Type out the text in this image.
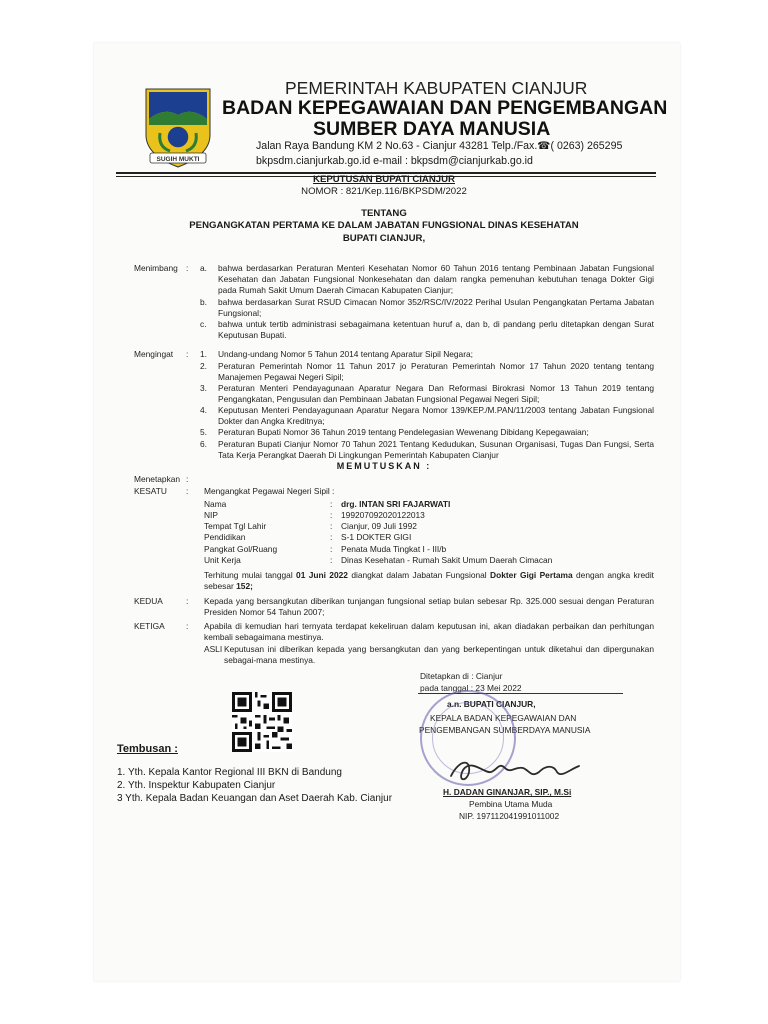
SUGIH MUKTI
PEMERINTAH KABUPATEN CIANJUR
BADAN KEPEGAWAIAN DAN PENGEMBANGAN
SUMBER DAYA MANUSIA
Jalan Raya Bandung KM 2 No.63 - Cianjur 43281 Telp./Fax.☎( 0263) 265295
bkpsdm.cianjurkab.go.id e-mail : bkpsdm@cianjurkab.go.id
KEPUTUSAN BUPATI CIANJUR
NOMOR : 821/Kep.116/BKPSDM/2022
TENTANG
PENGANGKATAN PERTAMA KE DALAM JABATAN FUNGSIONAL DINAS KESEHATAN
BUPATI CIANJUR,
Menimbang : a. bahwa berdasarkan Peraturan Menteri Kesehatan Nomor 60 Tahun 2016 tentang Pembinaan Jabatan Fungsional Kesehatan dan Jabatan Fungsional Nonkesehatan dan dalam rangka pemenuhan kebutuhan tenaga Dokter Gigi pada Rumah Sakit Umum Daerah Cimacan Kabupaten Cianjur;
b. bahwa berdasarkan Surat RSUD Cimacan Nomor 352/RSC/IV/2022 Perihal Usulan Pengangkatan Pertama Jabatan Fungsional;
c. bahwa untuk tertib administrasi sebagaimana ketentuan huruf a, dan b, di pandang perlu ditetapkan dengan Surat Keputusan Bupati.
Mengingat : 1. Undang-undang Nomor 5 Tahun 2014 tentang Aparatur Sipil Negara;
2. Peraturan Pemerintah Nomor 11 Tahun 2017 jo Peraturan Pemerintah Nomor 17 Tahun 2020 tentang tentang Manajemen Pegawai Negeri Sipil;
3. Peraturan Menteri Pendayagunaan Aparatur Negara Dan Reformasi Birokrasi Nomor 13 Tahun 2019 tentang Pengangkatan, Pengusulan dan Pembinaan Jabatan Fungsional Pegawai Negeri Sipil;
4. Keputusan Menteri Pendayagunaan Aparatur Negara Nomor 139/KEP./M.PAN/11/2003 tentang Jabatan Fungsional Dokter dan Angka Kreditnya;
5. Peraturan Bupati Nomor 36 Tahun 2019 tentang Pendelegasian Wewenang Dibidang Kepegawaian;
6. Peraturan Bupati Cianjur Nomor 70 Tahun 2021 Tentang Kedudukan, Susunan Organisasi, Tugas Dan Fungsi, Serta Tata Kerja Perangkat Daerah Di Lingkungan Pemerintah Kabupaten Cianjur
MEMUTUSKAN :
Menetapkan :
KESATU : Mengangkat Pegawai Negeri Sipil :
Nama	: drg. INTAN SRI FAJARWATI
NIP	: 199207092020122013
Tempat Tgl Lahir	: Cianjur, 09 Juli 1992
Pendidikan	: S-1 DOKTER GIGI
Pangkat Gol/Ruang	: Penata Muda Tingkat I - III/b
Unit Kerja	: Dinas Kesehatan - Rumah Sakit Umum Daerah Cimacan
Terhitung mulai tanggal 01 Juni 2022 diangkat dalam Jabatan Fungsional Dokter Gigi Pertama dengan angka kredit sebesar 152;
KEDUA	: Kepada yang bersangkutan diberikan tunjangan fungsional setiap bulan sebesar Rp. 325.000 sesuai dengan Peraturan Presiden Nomor 54 Tahun 2007;
KETIGA	: Apabila di kemudian hari ternyata terdapat kekeliruan dalam keputusan ini, akan diadakan perbaikan dan perhitungan kembali sebagaimana mestinya.
ASLI Keputusan ini diberikan kepada yang bersangkutan dan yang berkepentingan untuk diketahui dan dipergunakan sebagai-mana mestinya.
Ditetapkan di : Cianjur
pada tanggal : 23 Mei 2022
a.n. BUPATI CIANJUR,
KEPALA BADAN KEPEGAWAIAN DAN
PENGEMBANGAN SUMBERDAYA MANUSIA
H. DADAN GINANJAR, SIP., M.Si
Pembina Utama Muda
NIP. 197112041991011002
Tembusan :
1. Yth. Kepala Kantor Regional III BKN di Bandung
2. Yth. Inspektur Kabupaten Cianjur
3 Yth. Kepala Badan Keuangan dan Aset Daerah Kab. Cianjur
